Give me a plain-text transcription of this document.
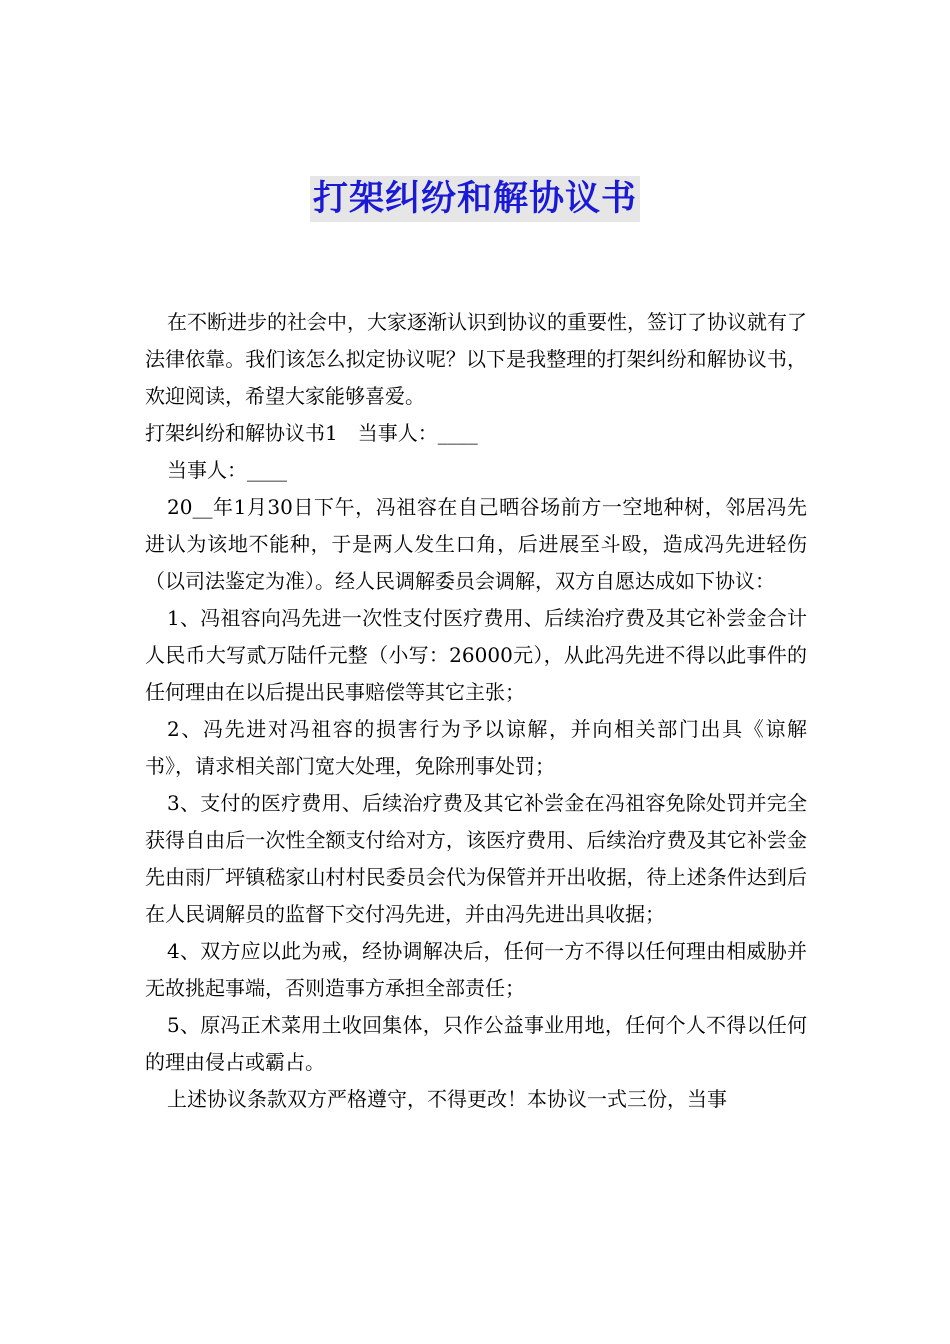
打架纠纷和解协议书

在不断进步的社会中，大家逐渐认识到协议的重要性，签订了协议就有了法律依靠。我们该怎么拟定协议呢？以下是我整理的打架纠纷和解协议书，欢迎阅读，希望大家能够喜爱。

打架纠纷和解协议书1　当事人：____

当事人：____

20__年1月30日下午，冯祖容在自己晒谷场前方一空地种树，邻居冯先进认为该地不能种，于是两人发生口角，后进展至斗殴，造成冯先进轻伤（以司法鉴定为准）。经人民调解委员会调解，双方自愿达成如下协议：

1、冯祖容向冯先进一次性支付医疗费用、后续治疗费及其它补尝金合计人民币大写贰万陆仟元整（小写：26000元），从此冯先进不得以此事件的任何理由在以后提出民事赔偿等其它主张；

2、冯先进对冯祖容的损害行为予以谅解，并向相关部门出具《谅解书》，请求相关部门宽大处理，免除刑事处罚；

3、支付的医疗费用、后续治疗费及其它补尝金在冯祖容免除处罚并完全获得自由后一次性全额支付给对方，该医疗费用、后续治疗费及其它补尝金先由雨厂坪镇嵇家山村村民委员会代为保管并开出收据，待上述条件达到后在人民调解员的监督下交付冯先进，并由冯先进出具收据；

4、双方应以此为戒，经协调解决后，任何一方不得以任何理由相威胁并无故挑起事端，否则造事方承担全部责任；

5、原冯正术菜用土收回集体，只作公益事业用地，任何个人不得以任何的理由侵占或霸占。

上述协议条款双方严格遵守，不得更改！本协议一式三份，当事
